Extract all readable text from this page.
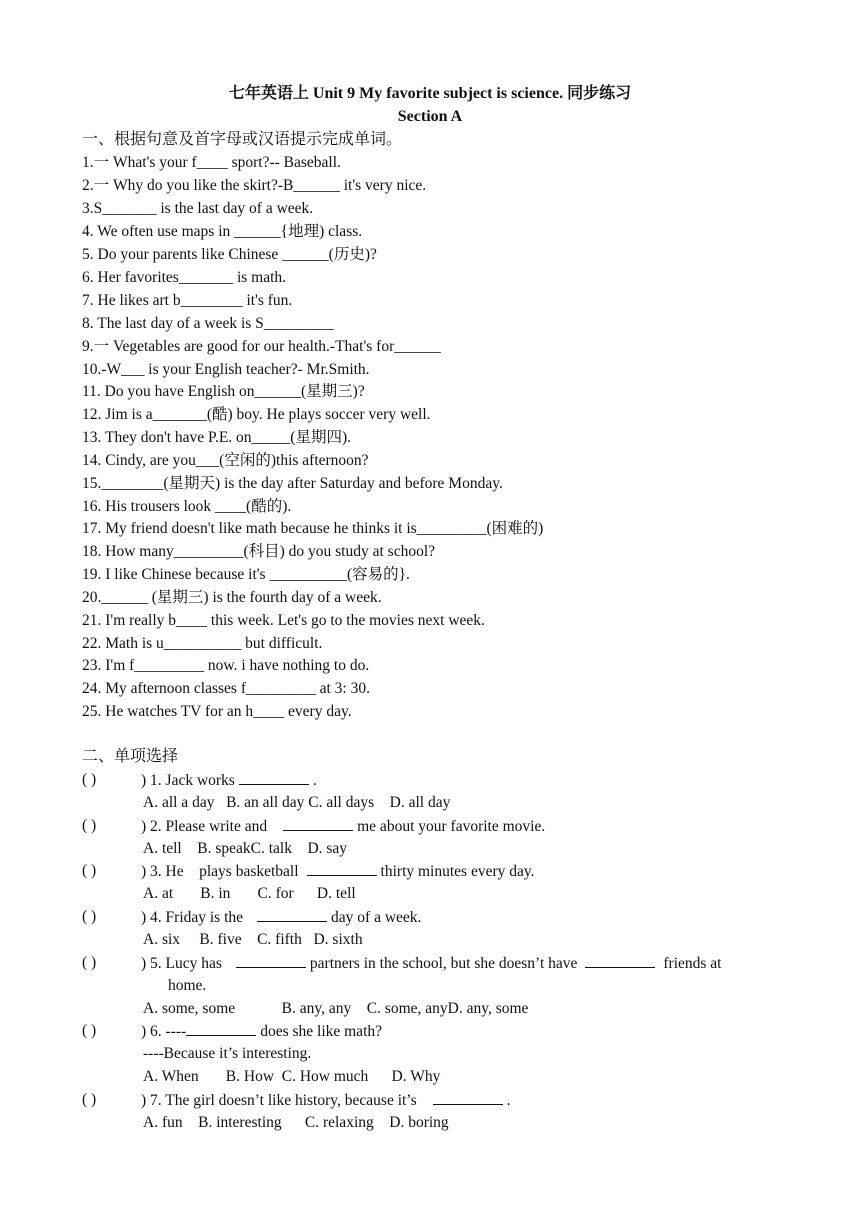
七年英语上 Unit 9 My favorite subject is science. 同步练习
Section A
一、根据句意及首字母或汉语提示完成单词。
1.一 What's your f____ sport?-- Baseball.
2.一 Why do you like the skirt?-B______ it's very nice.
3.S_______ is the last day of a week.
4. We often use maps in ______{地理) class.
5. Do your parents like Chinese ______(历史)?
6. Her favorites_______ is math.
7. He likes art b________ it's fun.
8. The last day of a week is S_________
9.一 Vegetables are good for our health.-That's for______
10.-W___ is your English teacher?- Mr.Smith.
11. Do you have English on______(星期三)?
12. Jim is a_______(酷) boy. He plays soccer very well.
13. They don't have P.E. on_____(星期四).
14. Cindy, are you___(空闲的)this afternoon?
15.________(星期天) is the day after Saturday and before Monday.
16. His trousers look ____(酷的).
17. My friend doesn't like math because he thinks it is_________(困难的)
18. How many_________(科目) do you study at school?
19. I like Chinese because it's __________(容易的}.
20.______ (星期三) is the fourth day of a week.
21. I'm really b____ this week. Let's go to the movies next week.
22. Math is u__________ but difficult.
23. I'm f_________ now. i have nothing to do.
24. My afternoon classes f_________ at 3: 30.
25. He watches TV for an h____ every day.
二、单项选择
( )	) 1. Jack works	.
A. all a day   B. an all day C. all days    D. all day
( )	) 2. Please write and	me about your favorite movie.
A. tell    B. speakC. talk    D. say
( )	) 3. He    plays basketball	thirty minutes every day.
A. at       B. in       C. for      D. tell
( )	) 4. Friday is the	day of a week.
A. six     B. five    C. fifth   D. sixth
( )	) 5. Lucy has	partners in the school, but she doesn’t have	friends at
home.
A. some, some            B. any, any    C. some, anyD. any, some
( )	) 6. ----	does she like math?
----Because it’s interesting.
A. When       B. How  C. How much      D. Why
( )	) 7. The girl doesn’t like history, because it’s	.
A. fun    B. interesting      C. relaxing    D. boring
